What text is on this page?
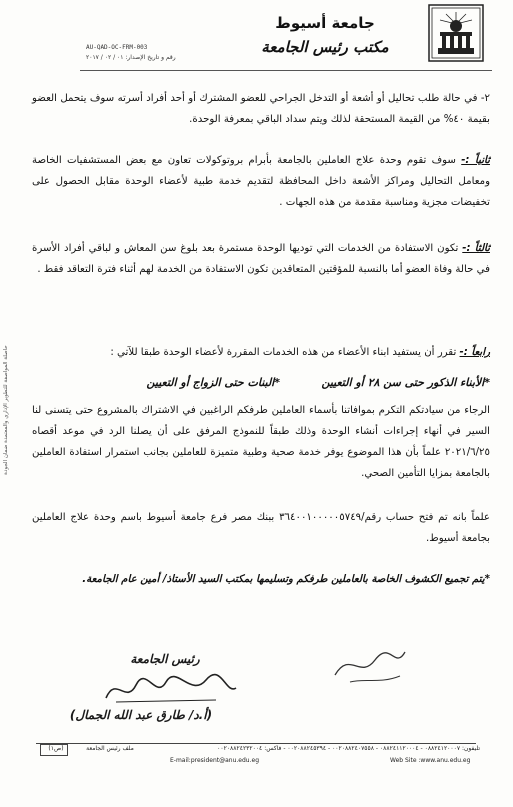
جامعة أسيوط
مكتب رئيس الجامعة
AU-QAD-OC-FRM-003
رقم و تاريخ الإصدار: ٠١ / ٠٢ / ٢٠١٧
حاصلة المواصفة للتطوير الإداري والمعتمدة ضمان الجودة
٢- في حالة طلب تحاليل أو أشعة أو التدخل الجراحي للعضو المشترك أو أحد أفراد أسرته سوف يتحمل العضو بقيمة ٤٠% من القيمة المستحقة لذلك ويتم سداد الباقي بمعرفة الوحدة.
ثانياً :- سوف تقوم وحدة علاج العاملين بالجامعة بأبرام بروتوكولات تعاون مع بعض المستشفيات الخاصة ومعامل التحاليل ومراكز الأشعة داخل المحافظة لتقديم خدمة طبية لأعضاء الوحدة مقابل الحصول على تخفيضات مجزية ومناسبة مقدمة من هذه الجهات .
ثالثاً :- تكون الاستفادة من الخدمات التي توديها الوحدة مستمرة بعد بلوغ سن المعاش و لباقي أفراد الأسرة في حالة وفاة العضو أما بالنسبة للمؤقتين المتعاقدين تكون الاستفادة من الخدمة لهم أثناء فترة التعاقد فقط .
رابعاً :- تقرر أن يستفيد ابناء الأعضاء من هذه الخدمات المقررة لأعضاء الوحدة طبقا للآتي :
*الأبناء الذكور حتى سن ٢٨ أو التعيين
*البنات حتى الزواج أو التعيين
الرجاء من سيادتكم التكرم بموافاتنا بأسماء العاملين طرفكم الراغبين في الاشتراك بالمشروع حتى يتسنى لنا السير في أنهاء إجراءات أنشاء الوحدة وذلك طبقاً للنموذج المرفق على أن يصلنا الرد في موعد أقصاه ٢٠٢١/٦/٢٥ علماً بأن هذا الموضوع يوفر خدمة صحية وطبية متميزة للعاملين بجانب استمرار استفادة العاملين بالجامعة بمزايا التأمين الصحي.
علماً بانه تم فتح حساب رقم/٣٦٤٠٠١٠٠٠٠٠٥٧٤٩ ببنك مصر فرع جامعة أسيوط باسم وحدة علاج العاملين بجامعة أسيوط.
*يتم تجميع الكشوف الخاصة بالعاملين طرفكم وتسليمها بمكتب السيد الأستاذ/ أمين عام الجامعة.
رئيس الجامعة
(أ.د/ طارق عبد الله الجمال)
(ص١)	ملف رئيس الجامعة	تليفون: ٠٨٨٢٤١٢٠٠٠٧ - ٠٨٨٢٤١١٢٠٠٠٤ - ٠٠٢٠٨٨٢٤٠٧٥٥٨ - ٠٠٢٠٨٨٢٤٥٣٩٤ - فاكس: ٠٠٢٠٨٨٢٤٢٣٢٠٠٤
E-mail:president@anu.edu.eg	Web Site :www.anu.edu.eg
